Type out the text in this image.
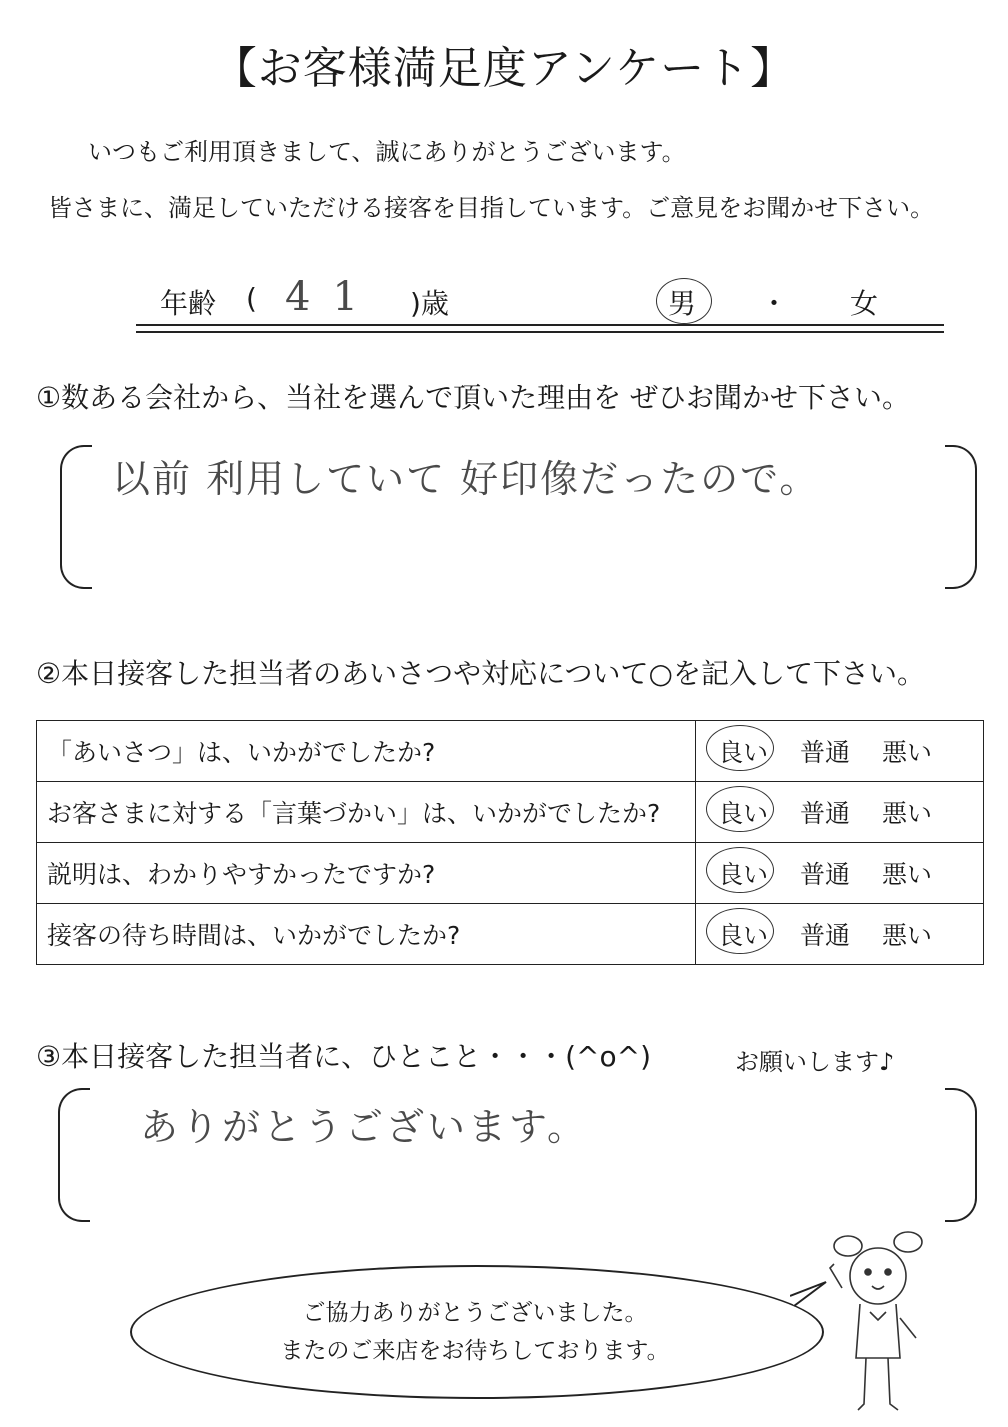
【お客様満足度アンケート】
いつもご利用頂きまして、誠にありがとうございます。
皆さまに、満足していただける接客を目指しています。ご意見をお聞かせ下さい。
年齢 ( 41 )歳	男 ・ 女
①数ある会社から、当社を選んで頂いた理由を ぜひお聞かせ下さい。
以前 利用していて 好印像だったので。
②本日接客した担当者のあいさつや対応について○を記入して下さい。
「あいさつ」は、いかがでしたか?	良い 普通 悪い
お客さまに対する「言葉づかい」は、いかがでしたか?	良い 普通 悪い
説明は、わかりやすかったですか?	良い 普通 悪い
接客の待ち時間は、いかがでしたか?	良い 普通 悪い
③本日接客した担当者に、ひとこと・・・(^o^)	お願いします♪
ありがとうございます。
ご協力ありがとうございました。
またのご来店をお待ちしております。
